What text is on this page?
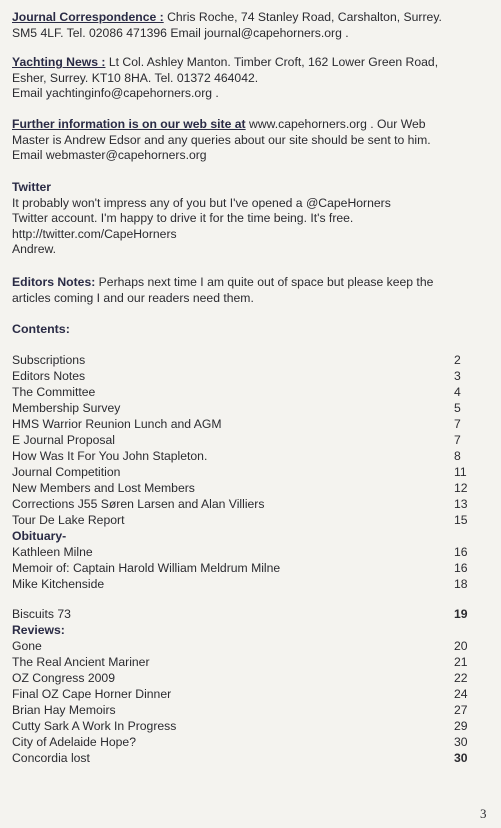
Journal Correspondence : Chris Roche, 74 Stanley Road, Carshalton, Surrey.
SM5 4LF. Tel. 02086 471396 Email journal@capehorners.org .
Yachting News : Lt Col. Ashley Manton. Timber Croft, 162 Lower Green Road,
Esher, Surrey. KT10 8HA. Tel. 01372 464042.
Email yachtinginfo@capehorners.org .
Further information is on our web site at www.capehorners.org . Our Web
Master is Andrew Edsor and any queries about our site should be sent to him.
Email webmaster@capehorners.org
Twitter
It probably won't impress any of you but I've opened a @CapeHorners
Twitter account. I'm happy to drive it for the time being. It's free.
http://twitter.com/CapeHorners
Andrew.
Editors Notes: Perhaps next time I am quite out of space but please keep the
articles coming I and our readers need them.
Contents:
Subscriptions	2
Editors Notes	3
The Committee	4
Membership Survey	5
HMS Warrior Reunion Lunch and AGM	7
E Journal Proposal	7
How Was It For You John Stapleton.	8
Journal Competition	11
New Members and Lost Members	12
Corrections J55 Søren Larsen and Alan Villiers	13
Tour De Lake Report	15
Obituary-
Kathleen Milne	16
Memoir of: Captain Harold William Meldrum Milne	16
Mike Kitchenside	18
Biscuits 73	19
Reviews:
Gone	20
The Real Ancient Mariner	21
OZ Congress 2009	22
Final OZ Cape Horner Dinner	24
Brian Hay Memoirs	27
Cutty Sark A Work In Progress	29
City of Adelaide Hope?	30
Concordia lost	30
3
